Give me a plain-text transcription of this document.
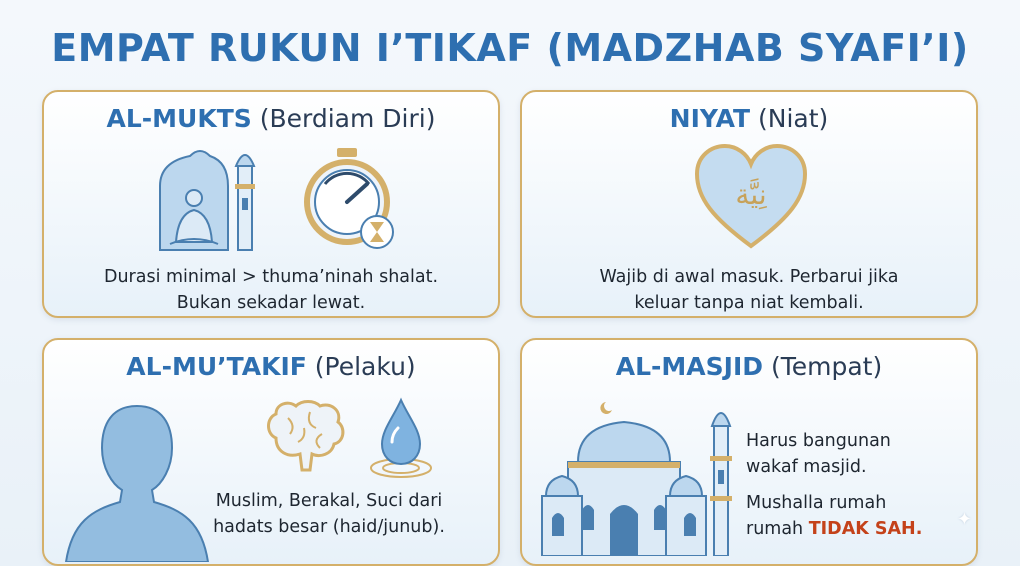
EMPAT RUKUN I’TIKAF (MADZHAB SYAFI’I)
AL-MUKTS (Berdiam Diri)
Durasi minimal > thuma’ninah shalat.
Bukan sekadar lewat.
NIYAT (Niat)
نِيَّة
Wajib di awal masuk. Perbarui jika
keluar tanpa niat kembali.
AL-MU’TAKIF (Pelaku)
Muslim, Berakal, Suci dari
hadats besar (haid/junub).
AL-MASJID (Tempat)
Harus bangunan
wakaf masjid.
Mushalla rumah
rumah TIDAK SAH.	✦
